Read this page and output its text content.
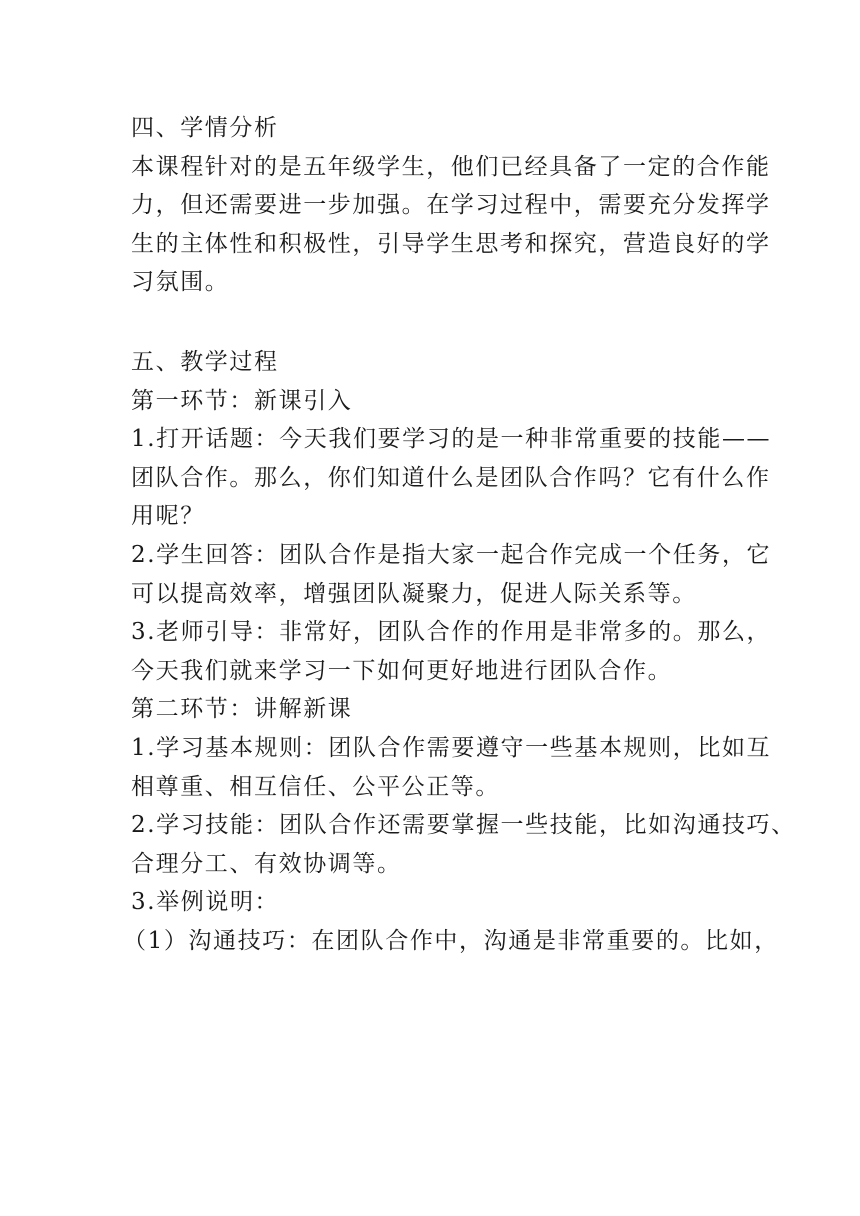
四、学情分析

本课程针对的是五年级学生，他们已经具备了一定的合作能

力，但还需要进一步加强。在学习过程中，需要充分发挥学

生的主体性和积极性，引导学生思考和探究，营造良好的学

习氛围。

五、教学过程

第一环节：新课引入

1.打开话题：今天我们要学习的是一种非常重要的技能——

团队合作。那么，你们知道什么是团队合作吗？它有什么作

用呢？

2.学生回答：团队合作是指大家一起合作完成一个任务，它

可以提高效率，增强团队凝聚力，促进人际关系等。

3.老师引导：非常好，团队合作的作用是非常多的。那么，

今天我们就来学习一下如何更好地进行团队合作。

第二环节：讲解新课

1.学习基本规则：团队合作需要遵守一些基本规则，比如互

相尊重、相互信任、公平公正等。

2.学习技能：团队合作还需要掌握一些技能，比如沟通技巧、

合理分工、有效协调等。

3.举例说明：

（1）沟通技巧：在团队合作中，沟通是非常重要的。比如，
